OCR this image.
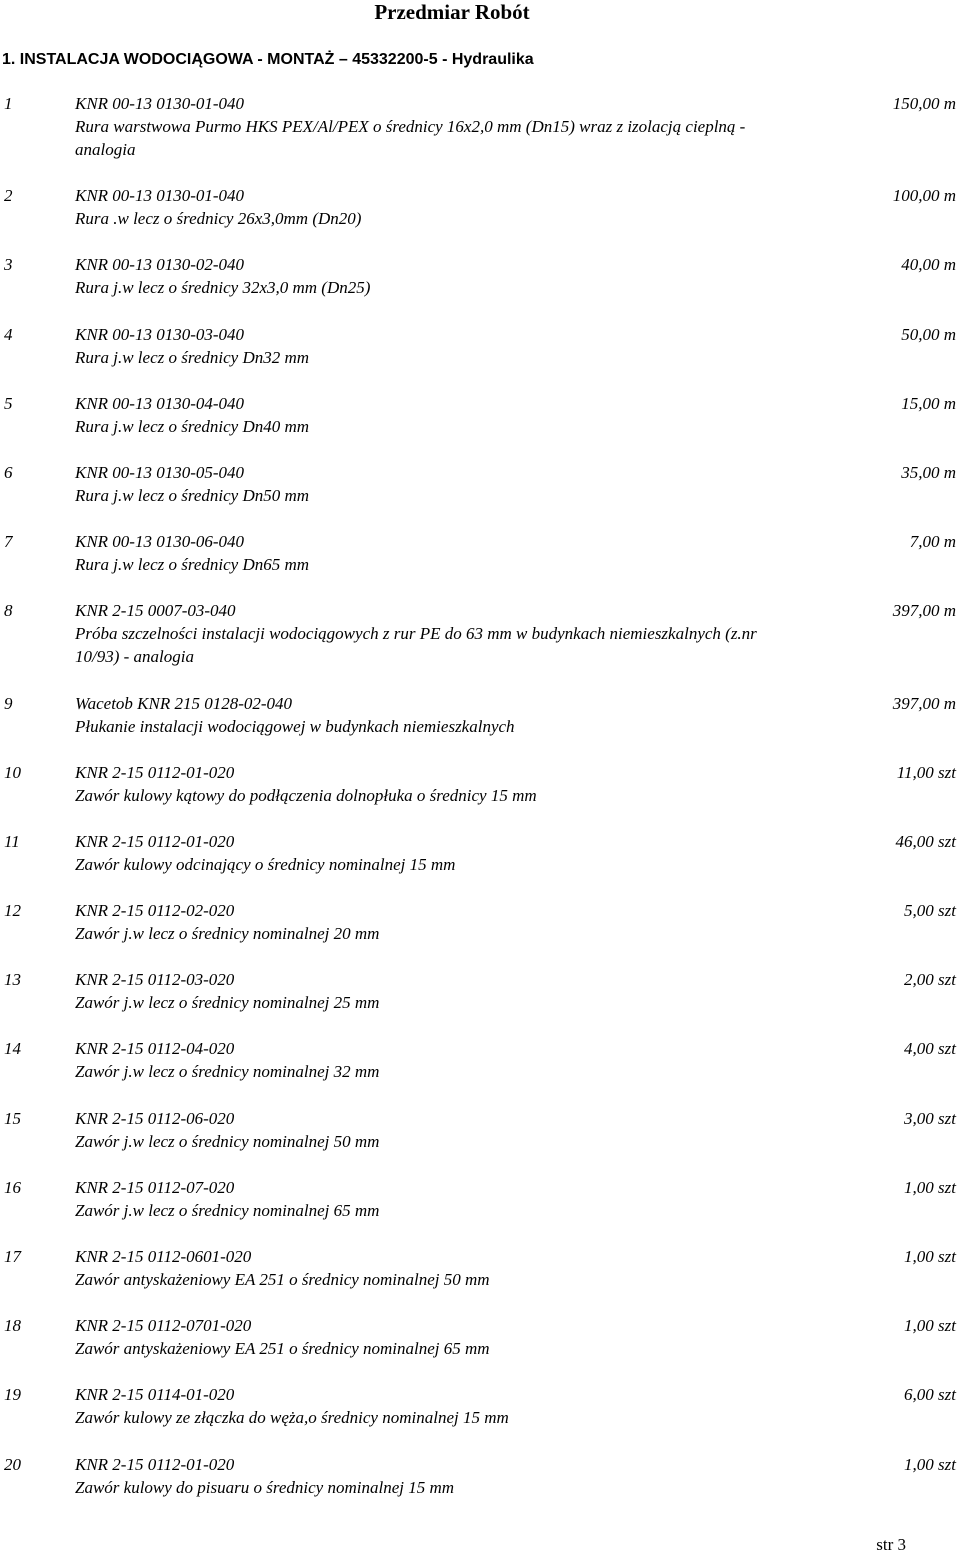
Przedmiar Robót
1. INSTALACJA WODOCIĄGOWA - MONTAŻ – 45332200-5 - Hydraulika
1	KNR 00-13 0130-01-040	150,00 m
Rura warstwowa Purmo HKS PEX/Al/PEX o średnicy 16x2,0 mm (Dn15) wraz z izolacją cieplną - analogia
2	KNR 00-13 0130-01-040	100,00 m
Rura .w lecz o średnicy 26x3,0mm (Dn20)
3	KNR 00-13 0130-02-040	40,00 m
Rura j.w lecz o średnicy 32x3,0 mm (Dn25)
4	KNR 00-13 0130-03-040	50,00 m
Rura j.w lecz o średnicy Dn32 mm
5	KNR 00-13 0130-04-040	15,00 m
Rura j.w lecz o średnicy Dn40 mm
6	KNR 00-13 0130-05-040	35,00 m
Rura j.w lecz o średnicy Dn50 mm
7	KNR 00-13 0130-06-040	7,00 m
Rura j.w lecz o średnicy Dn65 mm
8	KNR 2-15 0007-03-040	397,00 m
Próba szczelności instalacji wodociągowych z rur PE do 63 mm w budynkach niemieszkalnych (z.nr 10/93) - analogia
9	Wacetob KNR 215 0128-02-040	397,00 m
Płukanie instalacji wodociągowej w budynkach niemieszkalnych
10	KNR 2-15 0112-01-020	11,00 szt
Zawór kulowy kątowy do podłączenia dolnopłuka o średnicy 15 mm
11	KNR 2-15 0112-01-020	46,00 szt
Zawór kulowy odcinający o średnicy nominalnej 15 mm
12	KNR 2-15 0112-02-020	5,00 szt
Zawór j.w lecz o średnicy nominalnej 20 mm
13	KNR 2-15 0112-03-020	2,00 szt
Zawór j.w lecz o średnicy nominalnej 25 mm
14	KNR 2-15 0112-04-020	4,00 szt
Zawór j.w lecz o średnicy nominalnej 32 mm
15	KNR 2-15 0112-06-020	3,00 szt
Zawór j.w lecz o średnicy nominalnej 50 mm
16	KNR 2-15 0112-07-020	1,00 szt
Zawór j.w lecz o średnicy nominalnej 65 mm
17	KNR 2-15 0112-0601-020	1,00 szt
Zawór antyskażeniowy EA 251 o średnicy nominalnej 50 mm
18	KNR 2-15 0112-0701-020	1,00 szt
Zawór antyskażeniowy EA 251 o średnicy nominalnej 65 mm
19	KNR 2-15 0114-01-020	6,00 szt
Zawór kulowy ze złączka do węża,o średnicy nominalnej 15 mm
20	KNR 2-15 0112-01-020	1,00 szt
Zawór kulowy do pisuaru o średnicy nominalnej 15 mm
str 3
